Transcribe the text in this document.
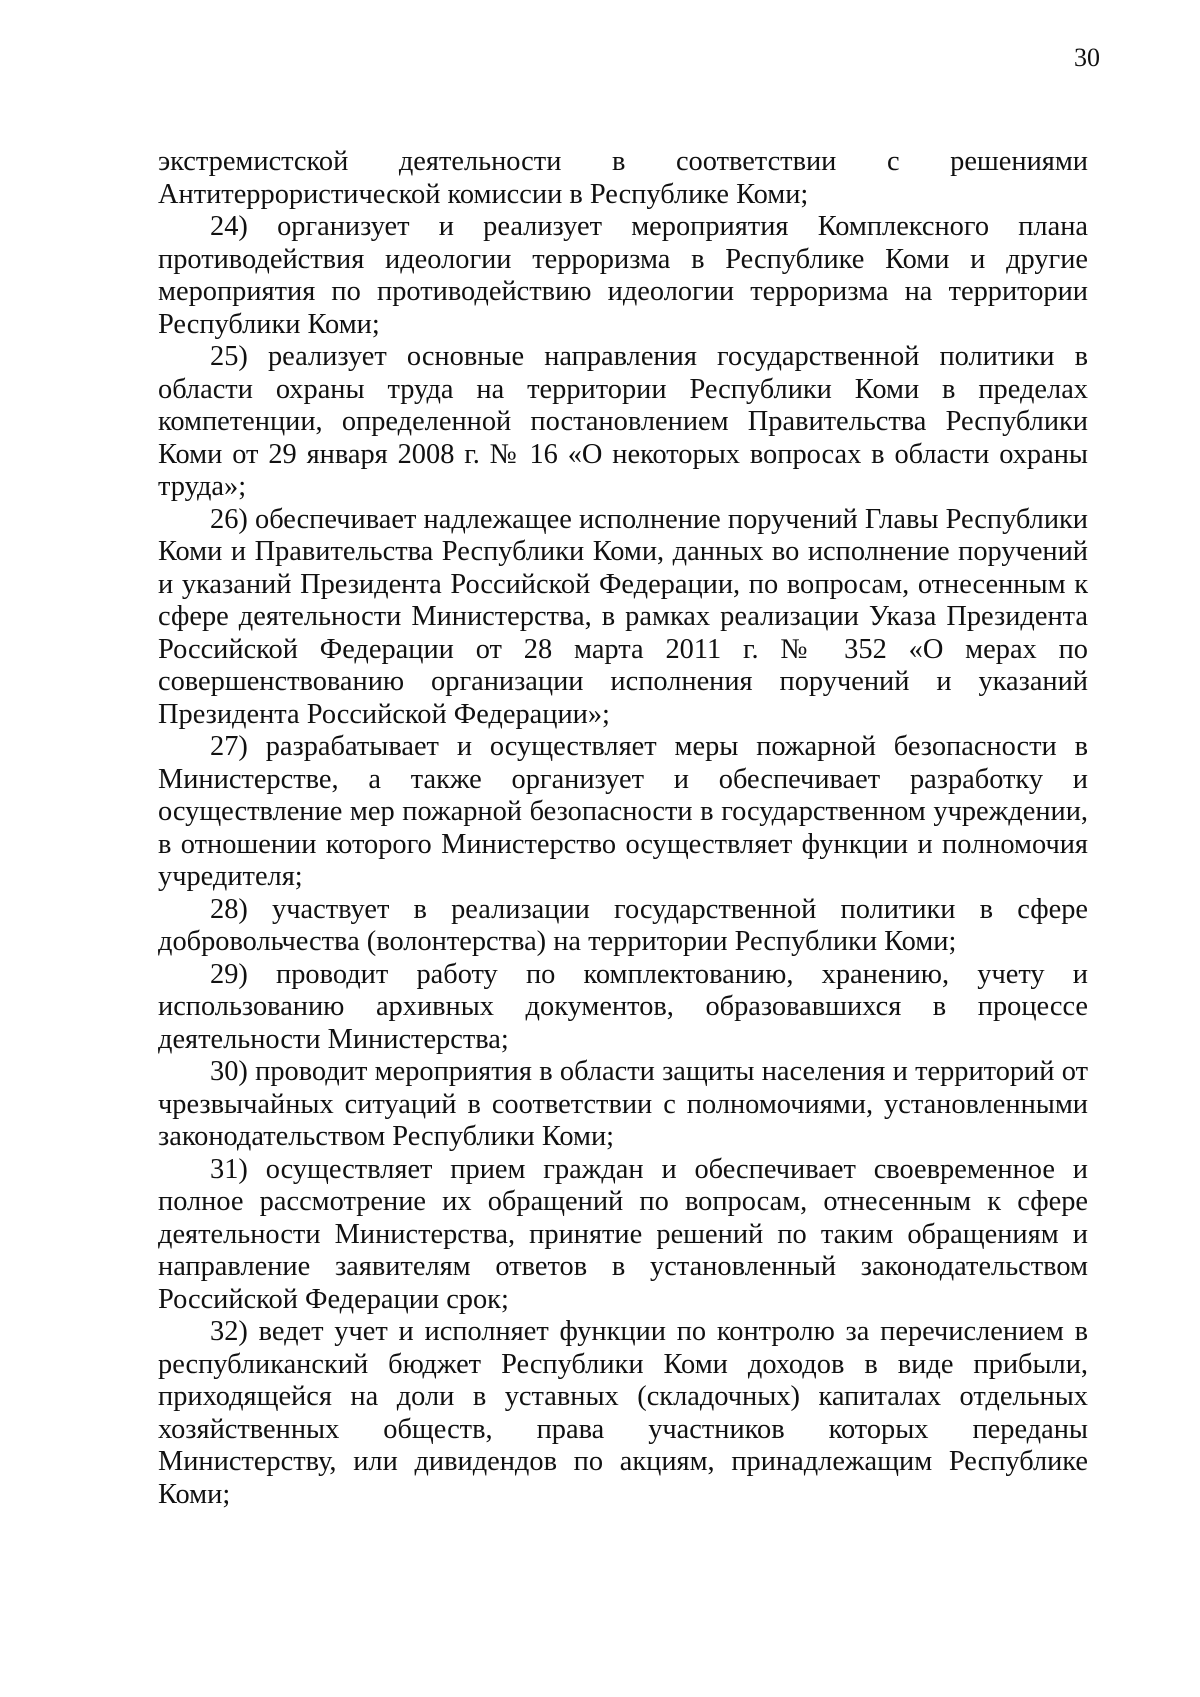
30

экстремистской деятельности в соответствии с решениями Антитеррористической комиссии в Республике Коми;

24) организует и реализует мероприятия Комплексного плана противодействия идеологии терроризма в Республике Коми и другие мероприятия по противодействию идеологии терроризма на территории Республики Коми;

25) реализует основные направления государственной политики в области охраны труда на территории Республики Коми в пределах компетенции, определенной постановлением Правительства Республики Коми от 29 января 2008 г. № 16 «О некоторых вопросах в области охраны труда»;

26) обеспечивает надлежащее исполнение поручений Главы Республики Коми и Правительства Республики Коми, данных во исполнение поручений и указаний Президента Российской Федерации, по вопросам, отнесенным к сфере деятельности Министерства, в рамках реализации Указа Президента Российской Федерации от 28 марта 2011 г. № 352 «О мерах по совершенствованию организации исполнения поручений и указаний Президента Российской Федерации»;

27) разрабатывает и осуществляет меры пожарной безопасности в Министерстве, а также организует и обеспечивает разработку и осуществление мер пожарной безопасности в государственном учреждении, в отношении которого Министерство осуществляет функции и полномочия учредителя;

28) участвует в реализации государственной политики в сфере добровольчества (волонтерства) на территории Республики Коми;

29) проводит работу по комплектованию, хранению, учету и использованию архивных документов, образовавшихся в процессе деятельности Министерства;

30) проводит мероприятия в области защиты населения и территорий от чрезвычайных ситуаций в соответствии с полномочиями, установленными законодательством Республики Коми;

31) осуществляет прием граждан и обеспечивает своевременное и полное рассмотрение их обращений по вопросам, отнесенным к сфере деятельности Министерства, принятие решений по таким обращениям и направление заявителям ответов в установленный законодательством Российской Федерации срок;

32) ведет учет и исполняет функции по контролю за перечислением в республиканский бюджет Республики Коми доходов в виде прибыли, приходящейся на доли в уставных (складочных) капиталах отдельных хозяйственных обществ, права участников которых переданы Министерству, или дивидендов по акциям, принадлежащим Республике Коми;
